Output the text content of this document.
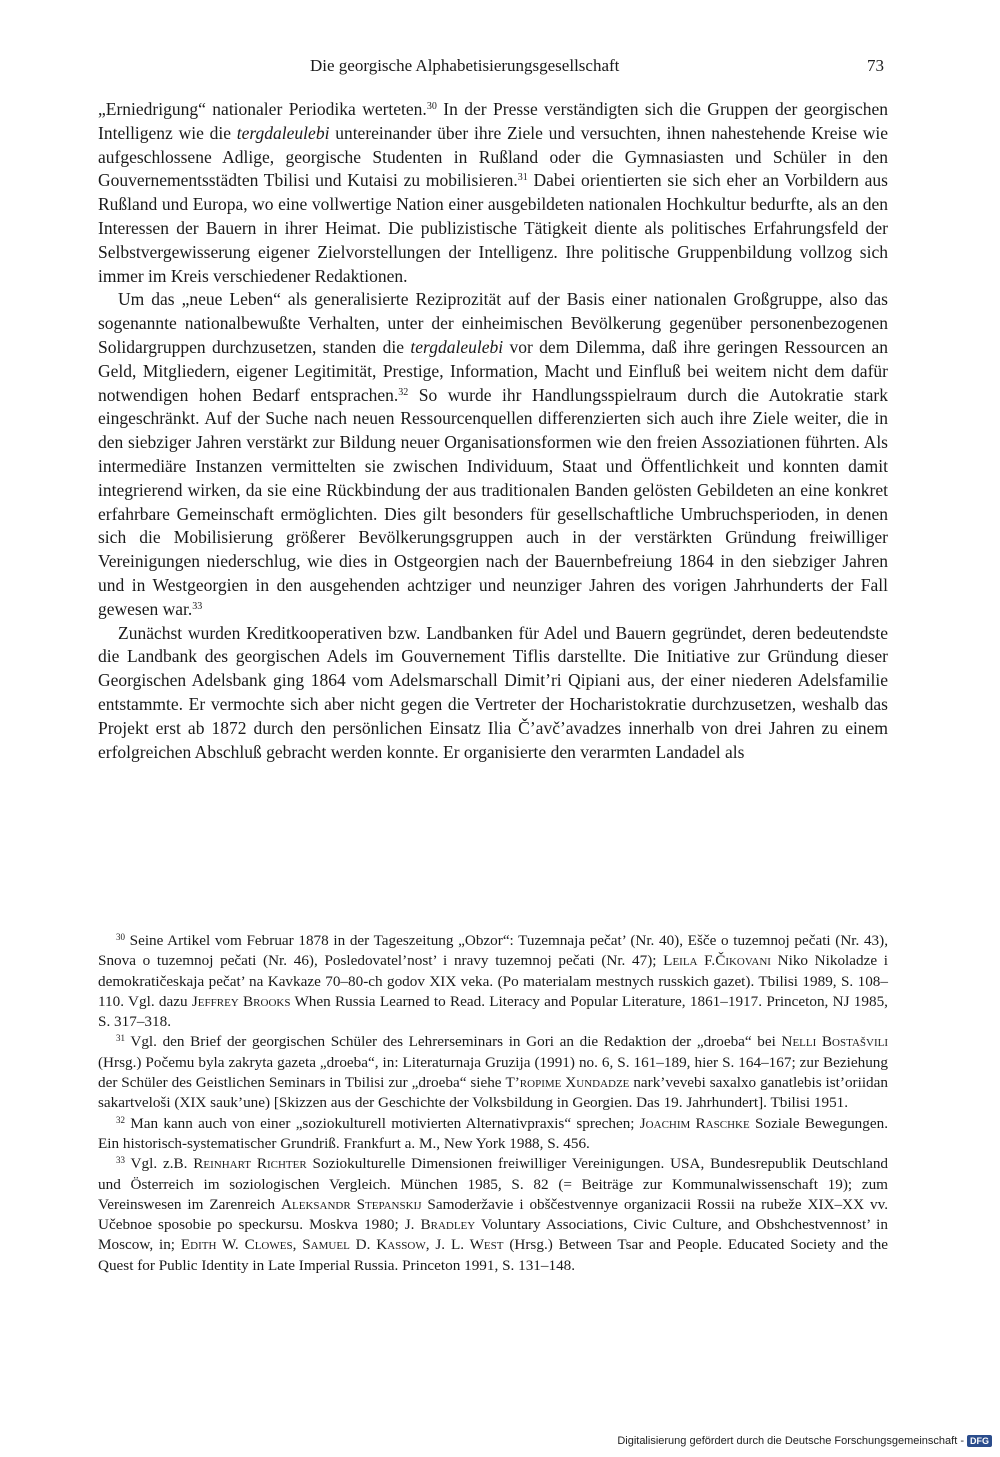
Die georgische Alphabetisierungsgesellschaft	73

„Erniedrigung“ nationaler Periodika werteten.$^{30}$ In der Presse verständigten sich die Gruppen der georgischen Intelligenz wie die tergdaleulebi untereinander über ihre Ziele und versuchten, ihnen nahestehende Kreise wie aufgeschlossene Adlige, georgische Studenten in Rußland oder die Gymnasiasten und Schüler in den Gouvernementsstädten Tbilisi und Kutaisi zu mobilisieren.$^{31}$ Dabei orientierten sie sich eher an Vorbildern aus Rußland und Europa, wo eine vollwertige Nation einer ausgebildeten nationalen Hochkultur bedurfte, als an den Interessen der Bauern in ihrer Heimat. Die publizistische Tätigkeit diente als politisches Erfahrungsfeld der Selbstvergewisserung eigener Zielvorstellungen der Intelligenz. Ihre politische Gruppenbildung vollzog sich immer im Kreis verschiedener Redaktionen.

Um das „neue Leben“ als generalisierte Reziprozität auf der Basis einer nationalen Großgruppe, also das sogenannte nationalbewußte Verhalten, unter der einheimischen Bevölkerung gegenüber personenbezogenen Solidargruppen durchzusetzen, standen die tergdaleulebi vor dem Dilemma, daß ihre geringen Ressourcen an Geld, Mitgliedern, eigener Legitimität, Prestige, Information, Macht und Einfluß bei weitem nicht dem dafür notwendigen hohen Bedarf entsprachen.$^{32}$ So wurde ihr Handlungsspielraum durch die Autokratie stark eingeschränkt. Auf der Suche nach neuen Ressourcenquellen differenzierten sich auch ihre Ziele weiter, die in den siebziger Jahren verstärkt zur Bildung neuer Organisationsformen wie den freien Assoziationen führten. Als intermediäre Instanzen vermittelten sie zwischen Individuum, Staat und Öffentlichkeit und konnten damit integrierend wirken, da sie eine Rückbindung der aus traditionalen Banden gelösten Gebildeten an eine konkret erfahrbare Gemeinschaft ermöglichten. Dies gilt besonders für gesellschaftliche Umbruchsperioden, in denen sich die Mobilisierung größerer Bevölkerungsgruppen auch in der verstärkten Gründung freiwilliger Vereinigungen niederschlug, wie dies in Ostgeorgien nach der Bauernbefreiung 1864 in den siebziger Jahren und in Westgeorgien in den ausgehenden achtziger und neunziger Jahren des vorigen Jahrhunderts der Fall gewesen war.$^{33}$

Zunächst wurden Kreditkooperativen bzw. Landbanken für Adel und Bauern gegründet, deren bedeutendste die Landbank des georgischen Adels im Gouvernement Tiflis darstellte. Die Initiative zur Gründung dieser Georgischen Adelsbank ging 1864 vom Adelsmarschall Dimit’ri Qipiani aus, der einer niederen Adelsfamilie entstammte. Er vermochte sich aber nicht gegen die Vertreter der Hocharistokratie durchzusetzen, weshalb das Projekt erst ab 1872 durch den persönlichen Einsatz Ilia Č’avč’avadzes innerhalb von drei Jahren zu einem erfolgreichen Abschluß gebracht werden konnte. Er organisierte den verarmten Landadel als

$^{30}$ Seine Artikel vom Februar 1878 in der Tageszeitung „Obzor“: Tuzemnaja pečat’ (Nr. 40), Ešče o tuzemnoj pečati (Nr. 43), Snova o tuzemnoj pečati (Nr. 46), Posledovatel’nost’ i nravy tuzemnoj pečati (Nr. 47); Leila F.Čikovani Niko Nikoladze i demokratičeskaja pečat’ na Kavkaze 70–80-ch godov XIX veka. (Po materialam mestnych russkich gazet). Tbilisi 1989, S. 108–110. Vgl. dazu Jeffrey Brooks When Russia Learned to Read. Literacy and Popular Literature, 1861–1917. Princeton, NJ 1985, S. 317–318.

$^{31}$ Vgl. den Brief der georgischen Schüler des Lehrerseminars in Gori an die Redaktion der „droeba“ bei Nelli Bostašvili (Hrsg.) Počemu byla zakryta gazeta „droeba“, in: Literaturnaja Gruzija (1991) no. 6, S. 161–189, hier S. 164–167; zur Beziehung der Schüler des Geistlichen Seminars in Tbilisi zur „droeba“ siehe T’ropime Xundadze nark’vevebi saxalxo ganatlebis ist’oriidan sakartveloši (XIX sauk’une) [Skizzen aus der Geschichte der Volksbildung in Georgien. Das 19. Jahrhundert]. Tbilisi 1951.

$^{32}$ Man kann auch von einer „soziokulturell motivierten Alternativpraxis“ sprechen; Joachim Raschke Soziale Bewegungen. Ein historisch-systematischer Grundriß. Frankfurt a. M., New York 1988, S. 456.

$^{33}$ Vgl. z.B. Reinhart Richter Soziokulturelle Dimensionen freiwilliger Vereinigungen. USA, Bundesrepublik Deutschland und Österreich im soziologischen Vergleich. München 1985, S. 82 (= Beiträge zur Kommunalwissenschaft 19); zum Vereinswesen im Zarenreich Aleksandr Stepanskij Samoderžavie i obščestvennye organizacii Rossii na rubeže XIX–XX vv. Učebnoe sposobie po speckursu. Moskva 1980; J. Bradley Voluntary Associations, Civic Culture, and Obshchestvennost’ in Moscow, in; Edith W. Clowes, Samuel D. Kassow, J. L. West (Hrsg.) Between Tsar and People. Educated Society and the Quest for Public Identity in Late Imperial Russia. Princeton 1991, S. 131–148.

Digitalisierung gefördert durch die Deutsche Forschungsgemeinschaft - DFG
